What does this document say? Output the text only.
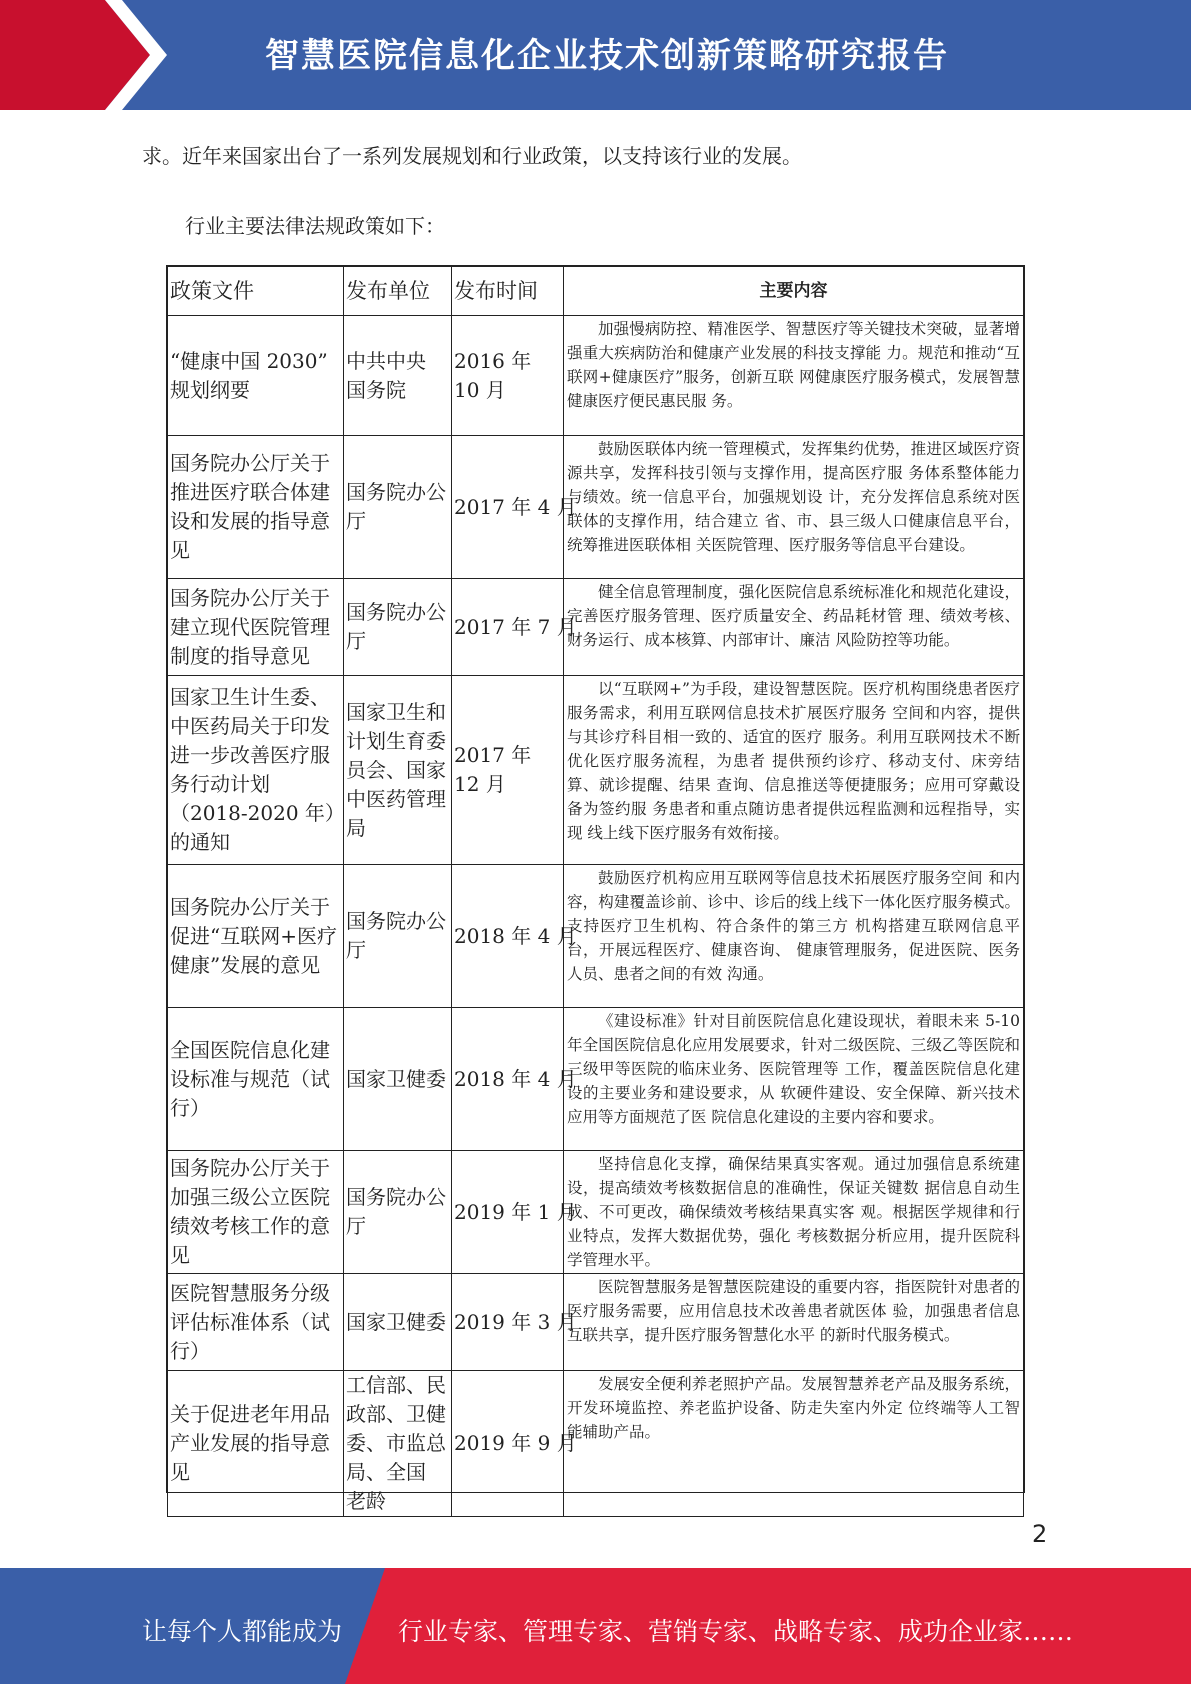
智慧医院信息化企业技术创新策略研究报告
求。近年来国家出台了一系列发展规划和行业政策，以支持该行业的发展。
行业主要法律法规政策如下：
政策文件	发布单位	发布时间	主要内容
“健康中国 2030” 规划纲要	中共中央 国务院	2016 年 10 月	加强慢病防控、精准医学、智慧医疗等关键技术突破，显著增强重大疾病防治和健康产业发展的科技支撑能 力。规范和推动“互联网+健康医疗”服务，创新互联 网健康医疗服务模式，发展智慧健康医疗便民惠民服 务。
国务院办公厅关于推进医疗联合体建设和发展的指导意见	国务院办公厅	2017 年 4 月	鼓励医联体内统一管理模式，发挥集约优势，推进区域医疗资源共享，发挥科技引领与支撑作用，提高医疗服 务体系整体能力与绩效。统一信息平台，加强规划设 计，充分发挥信息系统对医联体的支撑作用，结合建立 省、市、县三级人口健康信息平台，统筹推进医联体相 关医院管理、医疗服务等信息平台建设。
国务院办公厅关于建立现代医院管理制度的指导意见	国务院办公厅	2017 年 7 月	健全信息管理制度，强化医院信息系统标准化和规范化建设，完善医疗服务管理、医疗质量安全、药品耗材管 理、绩效考核、财务运行、成本核算、内部审计、廉洁 风险防控等功能。
国家卫生计生委、中医药局关于印发进一步改善医疗服务行动计划（2018-2020 年）的通知	国家卫生和计划生育委员会、国家中医药管理局	2017 年 12 月	以“互联网+”为手段，建设智慧医院。医疗机构围绕患者医疗服务需求，利用互联网信息技术扩展医疗服务 空间和内容，提供与其诊疗科目相一致的、适宜的医疗 服务。利用互联网技术不断优化医疗服务流程，为患者 提供预约诊疗、移动支付、床旁结算、就诊提醒、结果 查询、信息推送等便捷服务；应用可穿戴设备为签约服 务患者和重点随访患者提供远程监测和远程指导，实现 线上线下医疗服务有效衔接。
国务院办公厅关于促进“互联网+医疗健康”发展的意见	国务院办公厅	2018 年 4 月	鼓励医疗机构应用互联网等信息技术拓展医疗服务空间 和内容，构建覆盖诊前、诊中、诊后的线上线下一体化医疗服务模式。支持医疗卫生机构、符合条件的第三方 机构搭建互联网信息平台，开展远程医疗、健康咨询、 健康管理服务，促进医院、医务人员、患者之间的有效 沟通。
全国医院信息化建设标准与规范（试行）	国家卫健委	2018 年 4 月	《建设标准》针对目前医院信息化建设现状，着眼未来 5-10 年全国医院信息化应用发展要求，针对二级医院、三级乙等医院和三级甲等医院的临床业务、医院管理等 工作，覆盖医院信息化建设的主要业务和建设要求，从 软硬件建设、安全保障、新兴技术应用等方面规范了医 院信息化建设的主要内容和要求。
国务院办公厅关于加强三级公立医院绩效考核工作的意见	国务院办公厅	2019 年 1 月	坚持信息化支撑，确保结果真实客观。通过加强信息系统建设，提高绩效考核数据信息的准确性，保证关键数 据信息自动生成、不可更改，确保绩效考核结果真实客 观。根据医学规律和行业特点，发挥大数据优势，强化 考核数据分析应用，提升医院科学管理水平。
医院智慧服务分级评估标准体系（试行）	国家卫健委	2019 年 3 月	医院智慧服务是智慧医院建设的重要内容，指医院针对患者的医疗服务需要，应用信息技术改善患者就医体 验，加强患者信息互联共享，提升医疗服务智慧化水平 的新时代服务模式。
关于促进老年用品产业发展的指导意见	工信部、民政部、卫健委、市监总 局、全国 老龄	2019 年 9 月	发展安全便利养老照护产品。发展智慧养老产品及服务系统，开发环境监控、养老监护设备、防走失室内外定 位终端等人工智能辅助产品。
2
让每个人都能成为 行业专家、管理专家、营销专家、战略专家、成功企业家……
